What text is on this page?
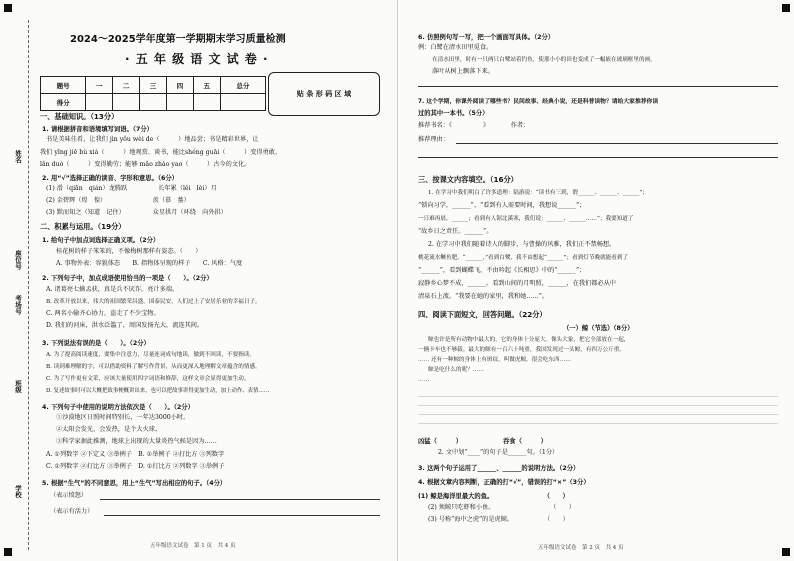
姓名
座位号
考场号
班级
学校
2024～2025学年度第一学期期末学习质量检测
· 五 年 级 语 文 试 卷 ·
题号	一	二	三	四	五	总分
得分						
贴 条 形 码 区 域
一、基础知识。（13分）
1. 请根据拼音和语境填写词语。（7分）
书是美味佳肴，让我们 jìn yǒu wèi de（　　　）地品尝；书是精彩世界，让
我们 yǐng jiē bù xiá（　　　）地观赏、谈书，能比shéng guāi（　　　）变得勇敢，
lǎn duò（　　　）变得勤劳；能够 mǎo zhào yao（　　　）古今的文化。
2. 用“√”选择正确的读音、字形和意思。（6分）
(1) 滑（qiān　qián）龙腾跃　　　　　长年累（lěi　lèi）月
(2) 金碧辉（煌　惶）　　　　　　　　羡（慕　墓）
(3) 默而知之（知道　记住）　　　　　众星拱月（环绕　向外拱）
二、积累与运用。（19分）
1. 给句子中加点词选择正确义项。（2分）
桂花树的样子笨笨的，不像梅树那样有姿态。（　　）
A. 事物外表：容貌体态　　B. 指物体呈现的样子　　C. 风格：气度
2. 下列句子中，加点成语使用恰当的一项是（　　）。（2分）
A. 诸葛亮七擒孟获，真是兵不厌诈，亮计多端。
B. 改革开放以来，伟大的祖国繁荣昌盛，国泰民安，人们过上了安居乐业的幸福日子。
C. 两名小偷齐心协力，盗走了不少宝物。
D. 我们的河床，洪水泛滥了，周国发扬光大，流连其间。
3. 下列说法有误的是（　　）。（2分）
A. 为了提高阅读速度，要集中注意力，尽量连词成句地读，做到不回读，不要指读。
B. 读到难理解的字，可以借助资料了解写作背景，从而更深入地理解文章蕴含的情感。
C. 为了写作更有文采，应该大量使用四字词语和修辞，这样文章会显得更加生动。
D. 复述故事时可以大概把故事梗概讲出来，也可以把故事讲得更加生动，加上动作、表情……
4. 下列句子中使用的说明方法依次是（　　）。（2分）
①沙漠地区日照时间特别长，一年达3000小时。
②太阳会发光，会发热，是个大火球。
③科学家据此推测，地球上出现的大量炎热气候是因为……
A. ①列数字 ②下定义 ③举例子　B. ①举例子 ②打比方 ③列数字
C. ①列数字 ②打比方 ③举例子　D. ①打比方 ②列数字 ③举例子
5. 根据“生气”的不同意思，用上“生气”写出相应的句子。（4分）
（表示愤怒）
（表示有活力）
五年级语文试卷　第 1 页　共 4 页
6. 仿照例句写一写，把一个画面写具体。（2分）
例：白鹭在清水田里觅食。
在清水田里，时有一只两只白鹭站着钓鱼，使那小小的田也变成了一幅嵌在玻璃框里的画。
落叶从树上飘落下来。
7. 这个学期，你课外阅读了哪些书？民间故事、经典小说，还是科普读物？请给大家推荐你读
过的其中一本书。（5分）
推荐书名：《　　　　　》　　　　作者：
推荐理由：
三、按课文内容填空。（16分）
1. 在学习中我们明白了许多道理：陆游说：“读书有三到，谓______、______、______”；
“锁向习学，______”、“看到有人需要时间，我想说______”；
一日难再晨，______；看到有人锯北溪寒，我们说：______、______……”；我要知道了
“故乡日之责任。______”。
2. 在学习中我们随着诗人的脚步，与曹操的风雅，我们正不禁畅想。
桃花流水鳜鱼肥。“______，”看到白鹭，我不由想起“______”；看到灯节晚就能看到了
“______”，看到蝴蝶飞，不由吟起《长相思》中的“______”；
寂静乡心梦不成，______。看到山间的月明照，______，在我们都必从中
清泉石上流。“我要在她的家里，我和她……”。
四、阅读下面短文，回答问题。（22分）
（一）鲸（节选）（8分）
鲸也许是所有动物中最大的，它的身体十分庞大。像头大象，把它全部放在一起，
一辆卡车也不够载。最大的鲸有一百六十吨重，我国发现过一头鲸，有四万公斤重。
…… 还有一种鲸的身体上有斑纹，叫做虎鲸，很会吃东西……
鲸是吃什么的呢？……
……
凶猛（　　　）　　　　　　　吞食（　　　）
2. 文中划“____”的句子是______句。（1分）
3. 这两个句子运用了______、______的说明方法。（2分）
4. 根据文章内容判断，正确的打“√”，错误的打“×”（3分）
(1) 鲸是海洋里最大的鱼。　　　　　　　　　（　　）
(2) 须鲸只吃虾和小鱼。　　　　　　　　　　（　　）
(3) 号称“海中之虎”的是虎鲸。　　　　　　（　　）
五年级语文试卷　第 2 页　共 4 页
